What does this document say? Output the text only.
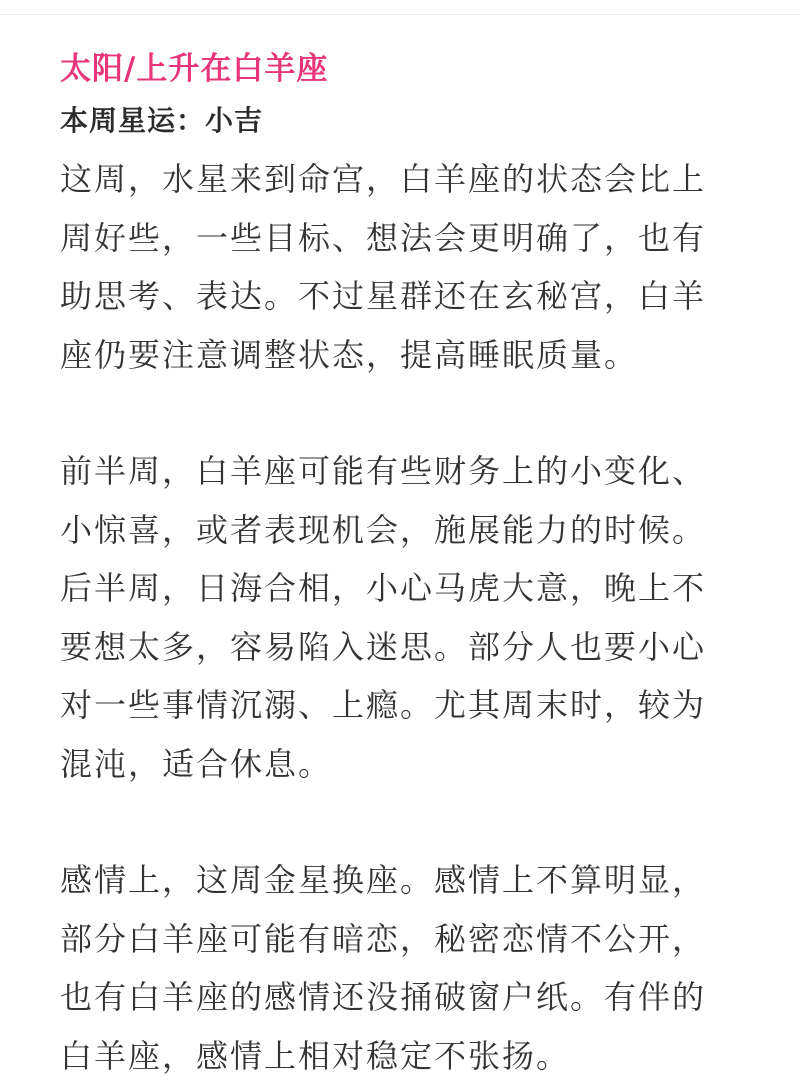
太阳/上升在白羊座
本周星运：小吉

这周，水星来到命宫，白羊座的状态会比上
周好些，一些目标、想法会更明确了，也有
助思考、表达。不过星群还在玄秘宫，白羊
座仍要注意调整状态，提高睡眠质量。

前半周，白羊座可能有些财务上的小变化、
小惊喜，或者表现机会，施展能力的时候。
后半周，日海合相，小心马虎大意，晚上不
要想太多，容易陷入迷思。部分人也要小心
对一些事情沉溺、上瘾。尤其周末时，较为
混沌，适合休息。

感情上，这周金星换座。感情上不算明显，
部分白羊座可能有暗恋，秘密恋情不公开，
也有白羊座的感情还没捅破窗户纸。有伴的
白羊座，感情上相对稳定不张扬。
